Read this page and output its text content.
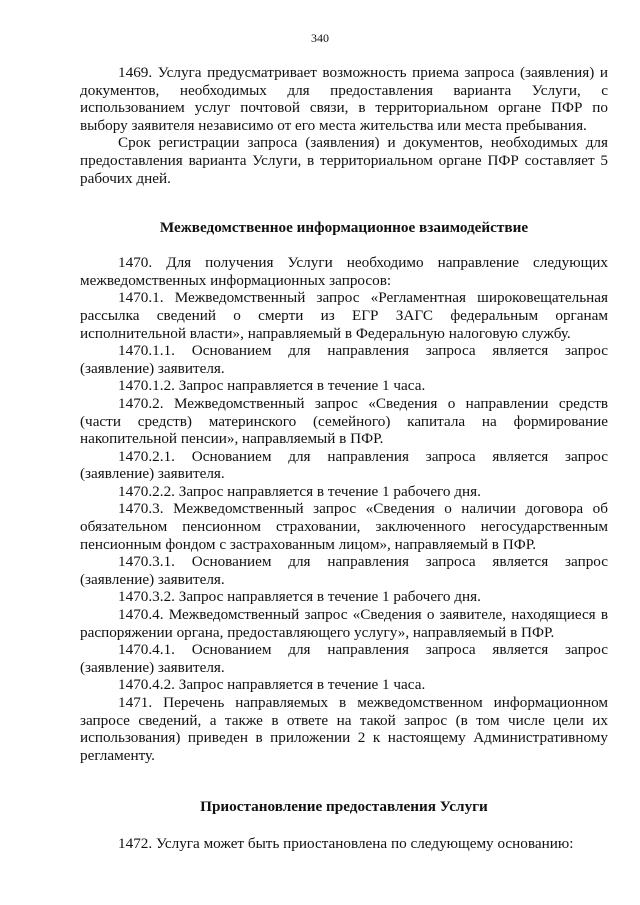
340

1469. Услуга предусматривает возможность приема запроса (заявления) и документов, необходимых для предоставления варианта Услуги, с использованием услуг почтовой связи, в территориальном органе ПФР по выбору заявителя независимо от его места жительства или места пребывания.

Срок регистрации запроса (заявления) и документов, необходимых для предоставления варианта Услуги, в территориальном органе ПФР составляет 5 рабочих дней.

Межведомственное информационное взаимодействие

1470. Для получения Услуги необходимо направление следующих межведомственных информационных запросов:

1470.1. Межведомственный запрос «Регламентная широковещательная рассылка сведений о смерти из ЕГР ЗАГС федеральным органам исполнительной власти», направляемый в Федеральную налоговую службу.

1470.1.1. Основанием для направления запроса является запрос (заявление) заявителя.

1470.1.2. Запрос направляется в течение 1 часа.

1470.2. Межведомственный запрос «Сведения о направлении средств (части средств) материнского (семейного) капитала на формирование накопительной пенсии», направляемый в ПФР.

1470.2.1. Основанием для направления запроса является запрос (заявление) заявителя.

1470.2.2. Запрос направляется в течение 1 рабочего дня.

1470.3. Межведомственный запрос «Сведения о наличии договора об обязательном пенсионном страховании, заключенного негосударственным пенсионным фондом с застрахованным лицом», направляемый в ПФР.

1470.3.1. Основанием для направления запроса является запрос (заявление) заявителя.

1470.3.2. Запрос направляется в течение 1 рабочего дня.

1470.4. Межведомственный запрос «Сведения о заявителе, находящиеся в распоряжении органа, предоставляющего услугу», направляемый в ПФР.

1470.4.1. Основанием для направления запроса является запрос (заявление) заявителя.

1470.4.2. Запрос направляется в течение 1 часа.

1471. Перечень направляемых в межведомственном информационном запросе сведений, а также в ответе на такой запрос (в том числе цели их использования) приведен в приложении 2 к настоящему Административному регламенту.

Приостановление предоставления Услуги

1472. Услуга может быть приостановлена по следующему основанию:
